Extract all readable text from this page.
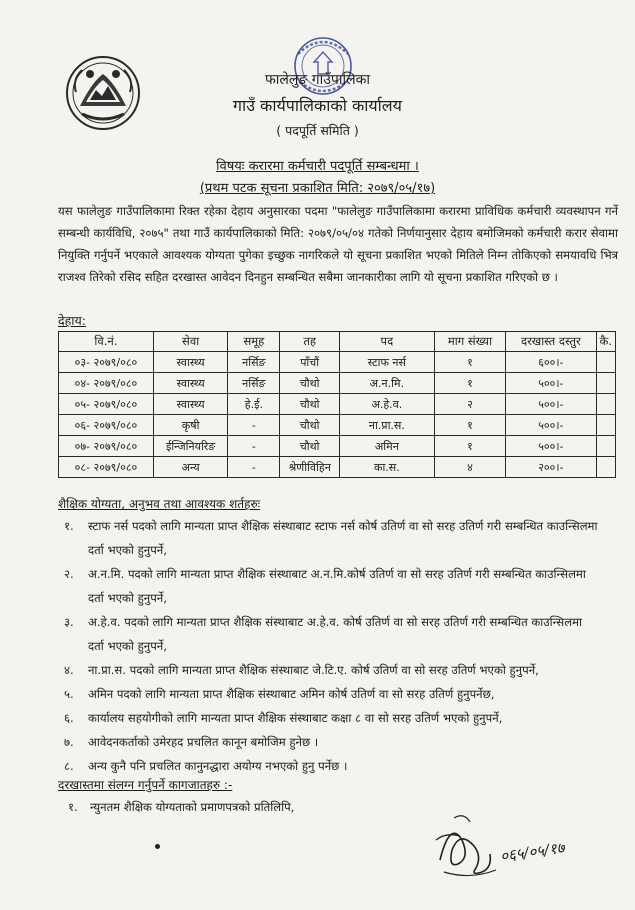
फालेलुङ गाउँपालिका
गाउँ कार्यपालिकाको कार्यालय
( पदपूर्ति समिति )
विषयः करारमा कर्मचारी पदपूर्ति सम्बन्धमा ।
(प्रथम पटक सूचना प्रकाशित मिति: २०७९/०५/१७)

यस फालेलुङ गाउँपालिकामा रिक्त रहेका देहाय अनुसारका पदमा "फालेलुङ गाउँपालिकामा करारमा प्राविधिक कर्मचारी व्यवस्थापन गर्ने सम्बन्धी कार्यविधि, २०७५" तथा गाउँ कार्यपालिकाको मिति: २०७९/०५/०४ गतेको निर्णयानुसार देहाय बमोजिमको कर्मचारी करार सेवामा नियुक्ति गर्नुपर्ने भएकाले आवश्यक योग्यता पुगेका इच्छुक नागरिकले यो सूचना प्रकाशित भएको मितिले निम्न तोकिएको समयावधि भित्र राजश्व तिरेको रसिद सहित दरखास्त आवेदन दिनहुन सम्बन्धित सबैमा जानकारीका लागि यो सूचना प्रकाशित गरिएको छ ।

देहाय:
वि.नं.	सेवा	समूह	तह	पद	माग संख्या	दरखास्त दस्तुर	कै.
०३- २०७९/०८०	स्वास्थ्य	नर्सिङ	पाँचौं	स्टाफ नर्स	१	६००।-	
०४- २०७९/०८०	स्वास्थ्य	नर्सिङ	चौथो	अ.न.मि.	१	५००।-	
०५- २०७९/०८०	स्वास्थ्य	हे.ई.	चौथो	अ.हे.व.	२	५००।-	
०६- २०७९/०८०	कृषी	-	चौथो	ना.प्रा.स.	१	५००।-	
०७- २०७९/०८०	ईन्जिनियरिङ	-	चौथो	अमिन	१	५००।-	
०८- २०७९/०८०	अन्य	-	श्रेणीविहिन	का.स.	४	२००।-	
शैक्षिक योग्यता, अनुभव तथा आवश्यक शर्तहरुः
१. स्टाफ नर्स पदको लागि मान्यता प्राप्त शैक्षिक संस्थाबाट स्टाफ नर्स कोर्ष उतिर्ण वा सो सरह उतिर्ण गरी सम्बन्धित काउन्सिलमा
दर्ता भएको हुनुपर्ने,
२. अ.न.मि. पदको लागि मान्यता प्राप्त शैक्षिक संस्थाबाट अ.न.मि.कोर्ष उतिर्ण वा सो सरह उतिर्ण गरी सम्बन्धित काउन्सिलमा
दर्ता भएको हुनुपर्ने,
३. अ.हे.व. पदको लागि मान्यता प्राप्त शैक्षिक संस्थाबाट अ.हे.व. कोर्ष उतिर्ण वा सो सरह उतिर्ण गरी सम्बन्धित काउन्सिलमा
दर्ता भएको हुनुपर्ने,
४. ना.प्रा.स. पदको लागि मान्यता प्राप्त शैक्षिक संस्थाबाट जे.टि.ए. कोर्ष उतिर्ण वा सो सरह उतिर्ण भएको हुनुपर्ने,
५. अमिन पदको लागि मान्यता प्राप्त शैक्षिक संस्थाबाट अमिन कोर्ष उतिर्ण वा सो सरह उतिर्ण हुनुपर्नेछ,
६. कार्यालय सहयोगीको लागि मान्यता प्राप्त शैक्षिक संस्थाबाट कक्षा ८ वा सो सरह उतिर्ण भएको हुनुपर्ने,
७. आवेदनकर्ताको उमेरहद प्रचलित कानून बमोजिम हुनेछ ।
८. अन्य कुनै पनि प्रचलित कानुनद्धारा अयोग्य नभएको हुनु पर्नेछ ।
दरखास्तमा संलग्न गर्नुपर्ने कागजातहरु :-
१. न्युनतम शैक्षिक योग्यताको प्रमाणपत्रको प्रतिलिपि,
०६५/०५/१७
